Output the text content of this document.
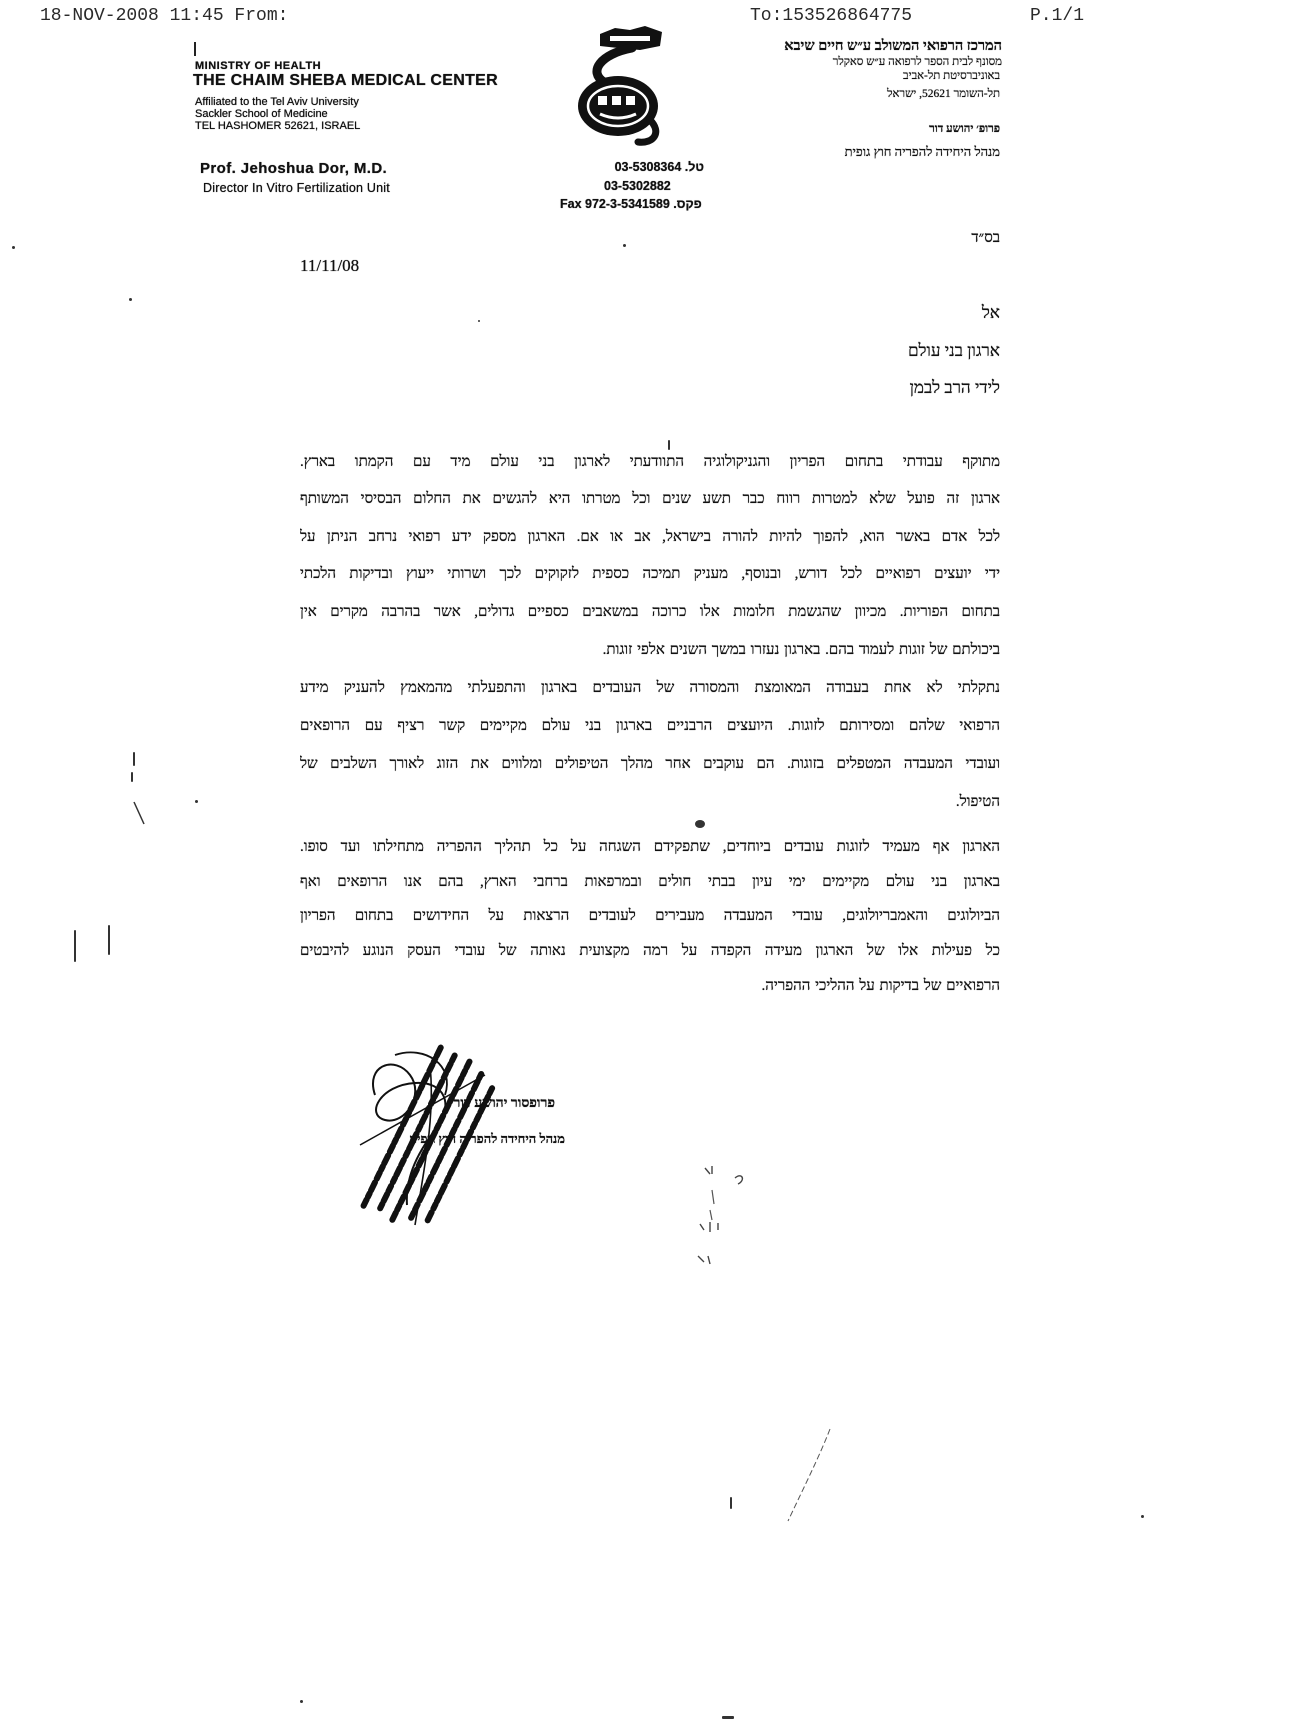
18-NOV-2008 11:45 From:	To:153526864775	P.1/1
MINISTRY OF HEALTH
THE CHAIM SHEBA MEDICAL CENTER
Affiliated to the Tel Aviv University
Sackler School of Medicine
TEL HASHOMER 52621, ISRAEL
Prof. Jehoshua Dor, M.D.
Director In Vitro Fertilization Unit
טל. 03-5308364
03-5302882
Fax 972-3-5341589 .פקס
המרכז הרפואי המשולב ע״ש חיים שיבא
מסונף לבית הספר לרפואה ע״ש סאקלר
באוניברסיטת תל-אביב
תל-השומר 52621, ישראל
פרופ׳ יהושע דור
מנהל היחידה להפריה חוץ גופית
בס״ד
11/11/08
אל
ארגון בני עולם
לידי הרב לבמן
מתוקף עבודתי בתחום הפריון והגניקולוגיה התוודעתי לארגון בני עולם מיד עם הקמתו בארץ.
ארגון זה פועל שלא למטרות רווח כבר תשע שנים וכל מטרתו היא להגשים את החלום הבסיסי המשותף
לכל אדם באשר הוא, להפוך להיות להורה בישראל, אב או אם. הארגון מספק ידע רפואי נרחב הניתן על
ידי יועצים רפואיים לכל דורש, ובנוסף, מעניק תמיכה כספית לזקוקים לכך ושרותי ייעוץ ובדיקות הלכתי
בתחום הפוריות. מכיוון שהגשמת חלומות אלו כרוכה במשאבים כספיים גדולים, אשר בהרבה מקרים אין
ביכולתם של זוגות לעמוד בהם. בארגון נעזרו במשך השנים אלפי זוגות.
נתקלתי לא אחת בעבודה המאומצת והמסורה של העובדים בארגון והתפעלתי מהמאמץ להעניק מידע
הרפואי שלהם ומסירותם לזוגות. היועצים הרבניים בארגון בני עולם מקיימים קשר רציף עם הרופאים
ועובדי המעבדה המטפלים בזוגות. הם עוקבים אחר מהלך הטיפולים ומלווים את הזוג לאורך השלבים של
הטיפול.
הארגון אף מעמיד לזוגות עובדים ביוחדים, שתפקידם השגחה על כל תהליך ההפריה מתחילתו ועד סופו.
בארגון בני עולם מקיימים ימי עיון בבתי חולים ובמרפאות ברחבי הארץ, בהם אנו הרופאים ואף
הביולוגים והאמבריולוגים, עובדי המעבדה מעבירים לעובדים הרצאות על החידושים בתחום הפריון
כל פעילות אלו של הארגון מעידה הקפדה על רמה מקצועית נאותה של עובדי העסק הנוגע להיבטים
הרפואיים של בדיקות על ההליכי ההפריה.
פרופסור יהושע דור
מנהל היחידה להפריה חוץ גופית
